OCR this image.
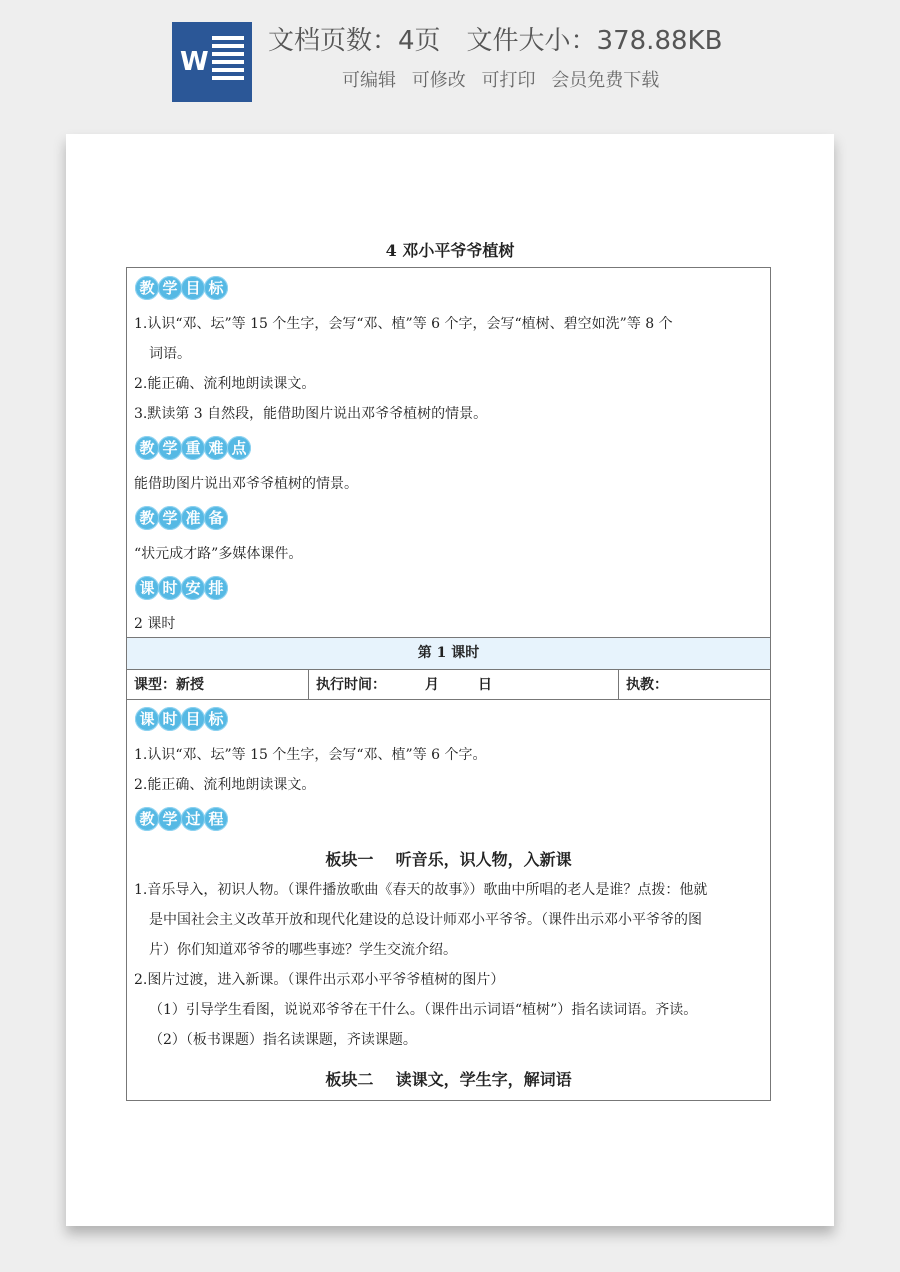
W
文档页数：4页 文件大小：378.88KB
可编辑 可修改 可打印 会员免费下载
4 邓小平爷爷植树
教 学 目 标
1.认识“邓、坛”等 15 个生字，会写“邓、植”等 6 个字，会写“植树、碧空如洗”等 8 个
词语。
2.能正确、流利地朗读课文。
3.默读第 3 自然段，能借助图片说出邓爷爷植树的情景。
教 学 重 难 点
能借助图片说出邓爷爷植树的情景。
教 学 准 备
“状元成才路”多媒体课件。
课 时 安 排
2 课时
第 1 课时
课型：新授	执行时间：        月        日	执教：
课 时 目 标
1.认识“邓、坛”等 15 个生字，会写“邓、植”等 6 个字。
2.能正确、流利地朗读课文。
教 学 过 程
板块一    听音乐，识人物，入新课
1.音乐导入，初识人物。（课件播放歌曲《春天的故事》）歌曲中所唱的老人是谁？点拨：他就
是中国社会主义改革开放和现代化建设的总设计师邓小平爷爷。（课件出示邓小平爷爷的图
片）你们知道邓爷爷的哪些事迹？学生交流介绍。
2.图片过渡，进入新课。（课件出示邓小平爷爷植树的图片）
（1）引导学生看图，说说邓爷爷在干什么。（课件出示词语“植树”）指名读词语。齐读。
（2）（板书课题）指名读课题，齐读课题。
板块二    读课文，学生字，解词语
